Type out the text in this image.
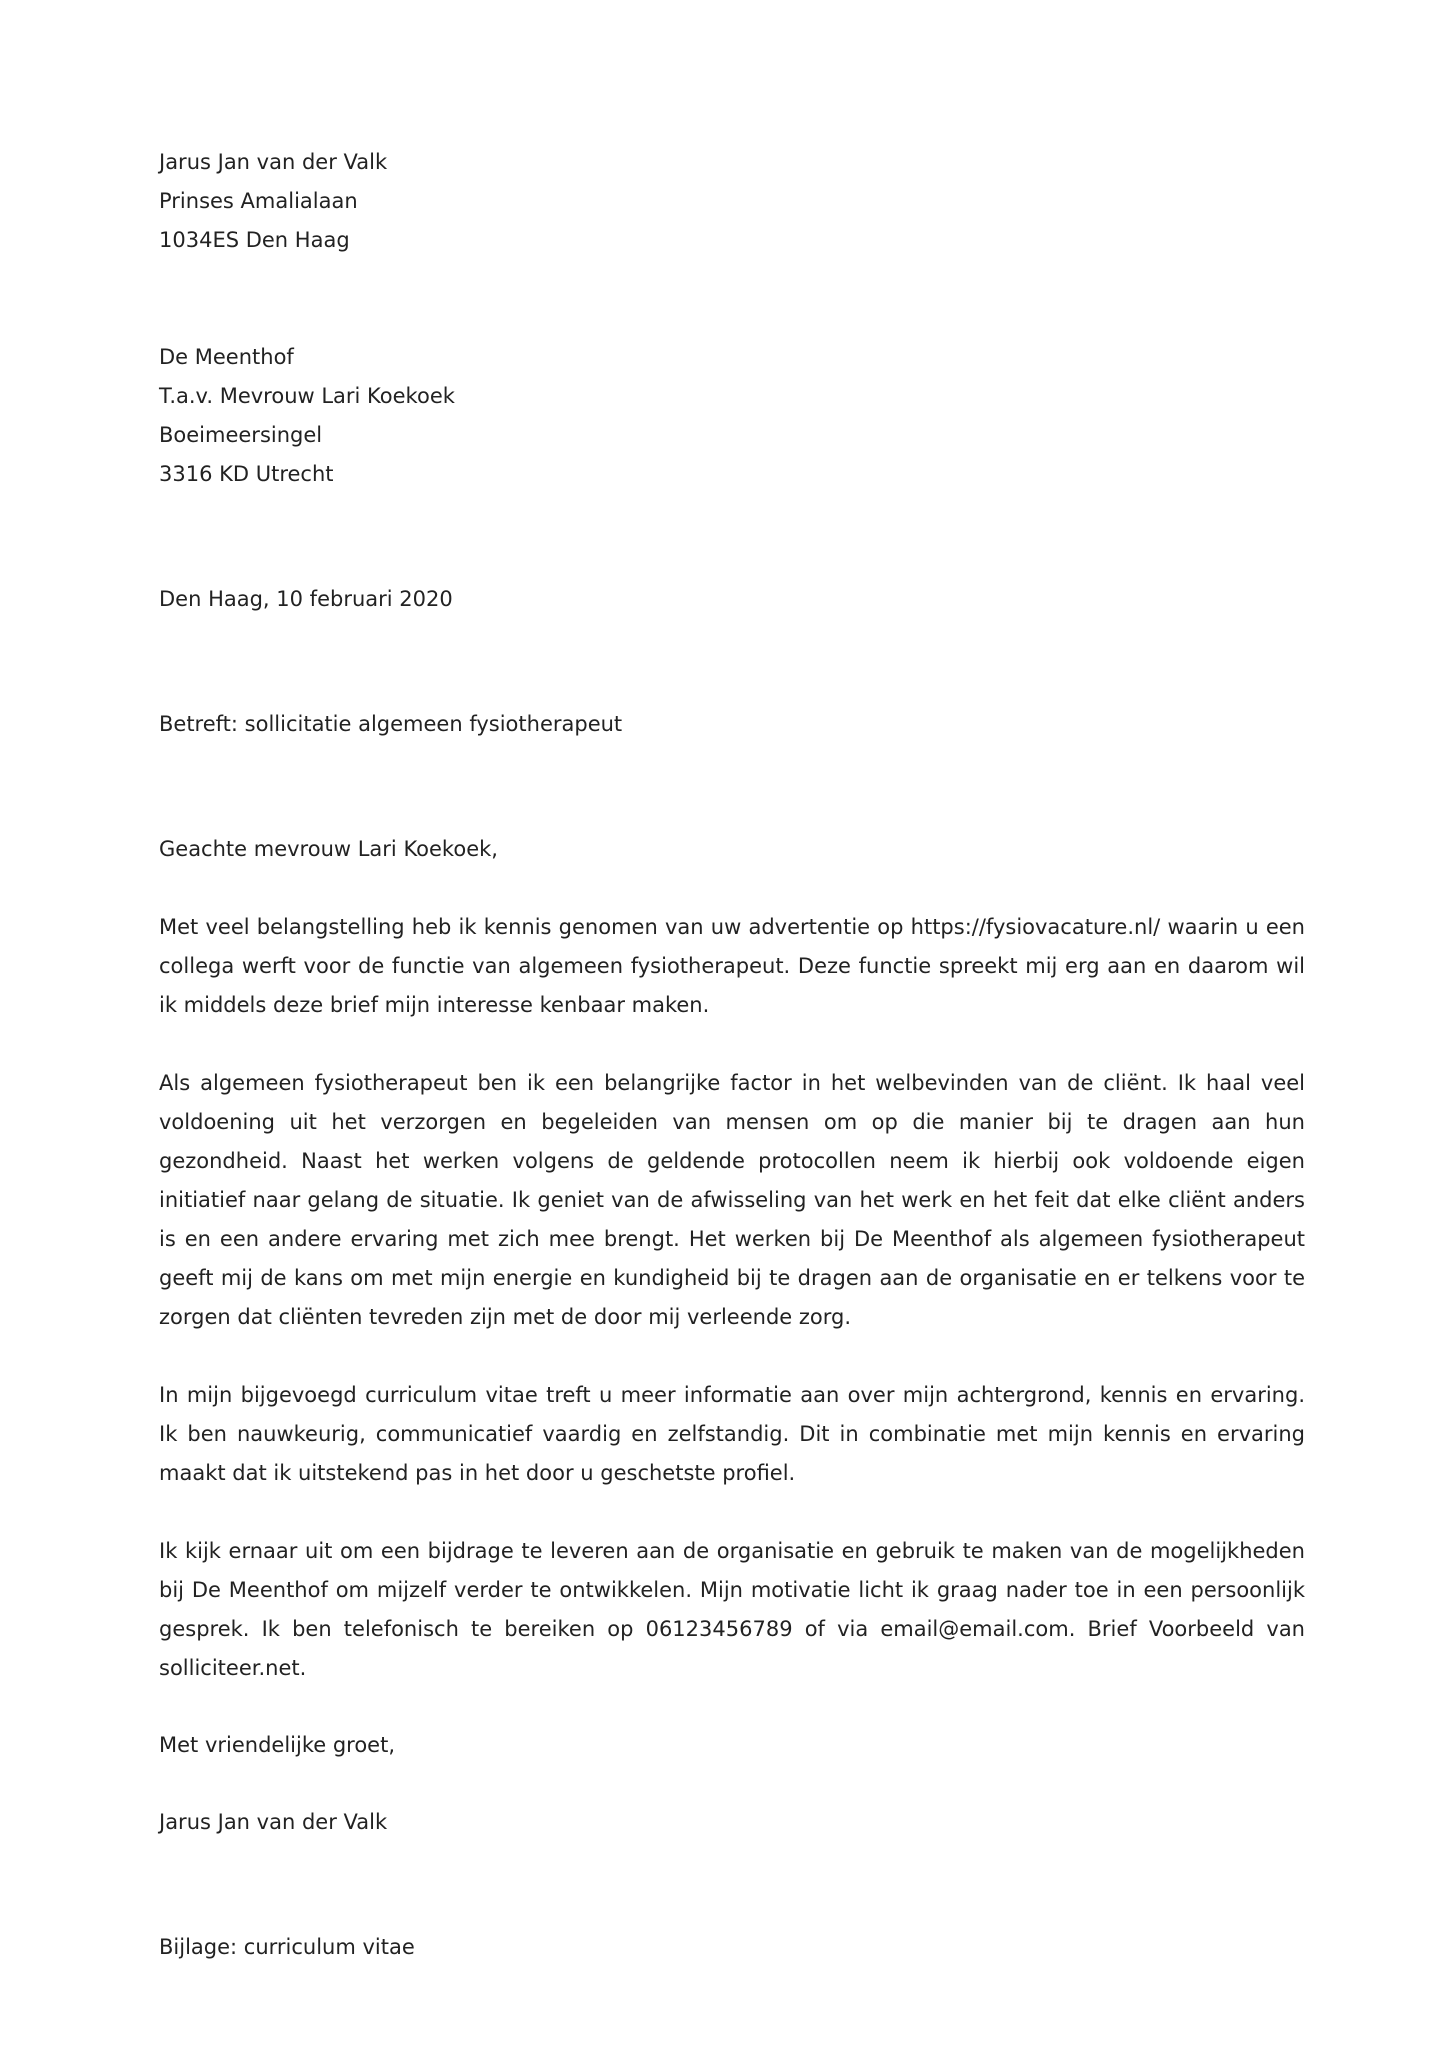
Jarus Jan van der Valk
Prinses Amalialaan
1034ES Den Haag
De Meenthof
T.a.v. Mevrouw Lari Koekoek
Boeimeersingel
3316 KD Utrecht
Den Haag, 10 februari 2020
Betreft: sollicitatie algemeen fysiotherapeut
Geachte mevrouw Lari Koekoek,

Met veel belangstelling heb ik kennis genomen van uw advertentie op https://fysiovacature.nl/ waarin u een collega werft voor de functie van algemeen fysiotherapeut. Deze functie spreekt mij erg aan en daarom wil ik middels deze brief mijn interesse kenbaar maken.

Als algemeen fysiotherapeut ben ik een belangrijke factor in het welbevinden van de cliënt. Ik haal veel voldoening uit het verzorgen en begeleiden van mensen om op die manier bij te dragen aan hun gezondheid. Naast het werken volgens de geldende protocollen neem ik hierbij ook voldoende eigen initiatief naar gelang de situatie. Ik geniet van de afwisseling van het werk en het feit dat elke cliënt anders is en een andere ervaring met zich mee brengt. Het werken bij De Meenthof als algemeen fysiotherapeut geeft mij de kans om met mijn energie en kundigheid bij te dragen aan de organisatie en er telkens voor te zorgen dat cliënten tevreden zijn met de door mij verleende zorg.

In mijn bijgevoegd curriculum vitae treft u meer informatie aan over mijn achtergrond, kennis en ervaring. Ik ben nauwkeurig, communicatief vaardig en zelfstandig. Dit in combinatie met mijn kennis en ervaring maakt dat ik uitstekend pas in het door u geschetste profiel.

Ik kijk ernaar uit om een bijdrage te leveren aan de organisatie en gebruik te maken van de mogelijkheden bij De Meenthof om mijzelf verder te ontwikkelen. Mijn motivatie licht ik graag nader toe in een persoonlijk gesprek. Ik ben telefonisch te bereiken op 06123456789 of via email@email.com. Brief Voorbeeld van solliciteer.net.

Met vriendelijke groet,
Jarus Jan van der Valk
Bijlage: curriculum vitae
